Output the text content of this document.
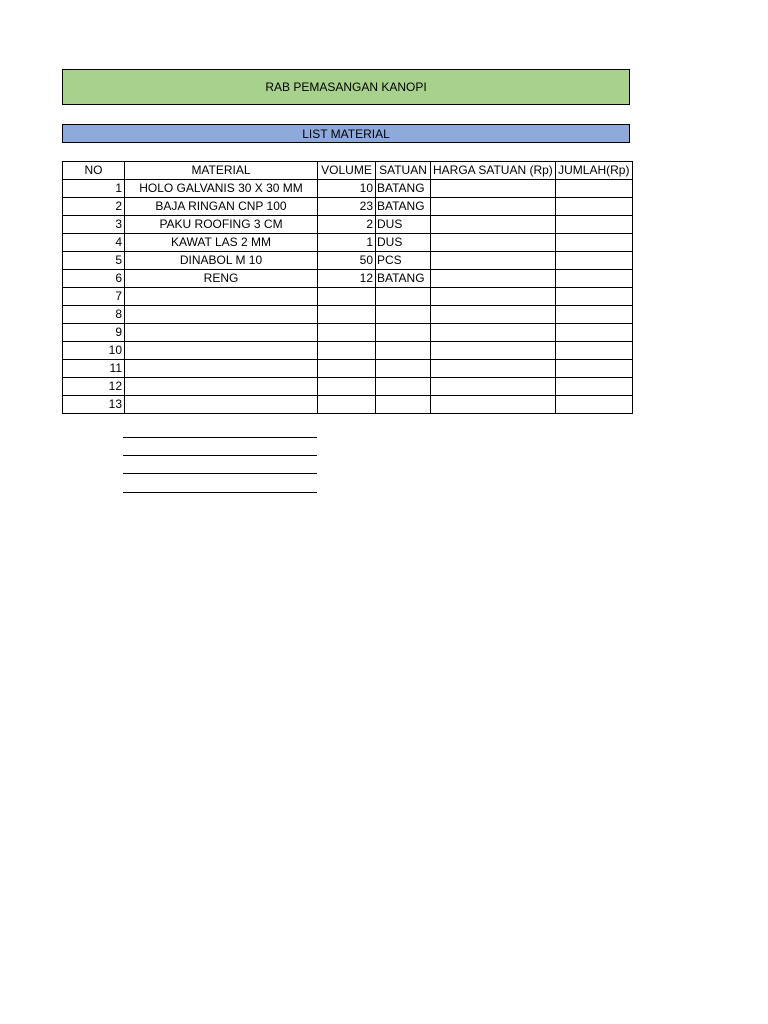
RAB PEMASANGAN KANOPI
LIST MATERIAL
NO	MATERIAL	VOLUME	SATUAN	HARGA SATUAN (Rp)	JUMLAH(Rp)
1	HOLO GALVANIS 30 X 30 MM	10	BATANG		
2	BAJA RINGAN CNP 100	23	BATANG		
3	PAKU ROOFING 3 CM	2	DUS		
4	KAWAT LAS 2 MM	1	DUS		
5	DINABOL M 10	50	PCS		
6	RENG	12	BATANG		
7					
8					
9					
10					
11					
12					
13					
